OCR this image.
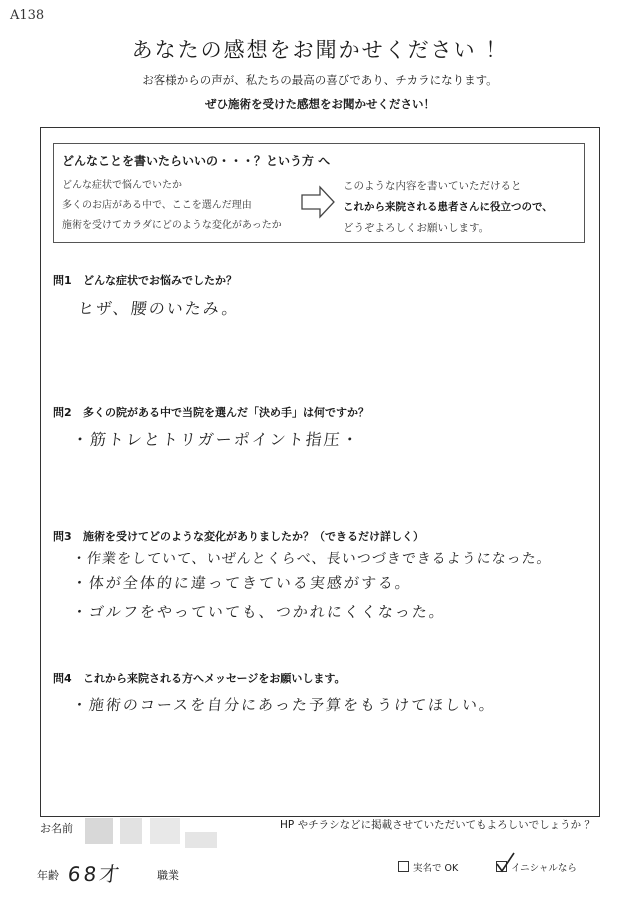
A138
あなたの感想をお聞かせください ！
お客様からの声が、私たちの最高の喜びであり、チカラになります。
ぜひ施術を受けた感想をお聞かせください！
どんなことを書いたらいいの・・・？という方 へ
どんな症状で悩んでいたか
多くのお店がある中で、ここを選んだ理由
施術を受けてカラダにどのような変化があったか
このような内容を書いていただけると
これから来院される患者さんに役立つので、
どうぞよろしくお願いします。
問1 どんな症状でお悩みでしたか？
ヒザ、腰のいたみ。
問2 多くの院がある中で当院を選んだ「決め手」は何ですか？
・筋トレとトリガーポイント指圧・
問3 施術を受けてどのような変化がありましたか？（できるだけ詳しく）
・作業をしていて、いぜんとくらべ、長いつづきできるようになった。
・体が全体的に違ってきている実感がする。
・ゴルフをやっていても、つかれにくくなった。
問4 これから来院される方へメッセージをお願いします。
・施術のコースを自分にあった予算をもうけてほしい。
お名前	HP やチラシなどに掲載させていただいてもよろしいでしょうか ？
年齢 68才	職業
実名で OK	イニシャルなら
